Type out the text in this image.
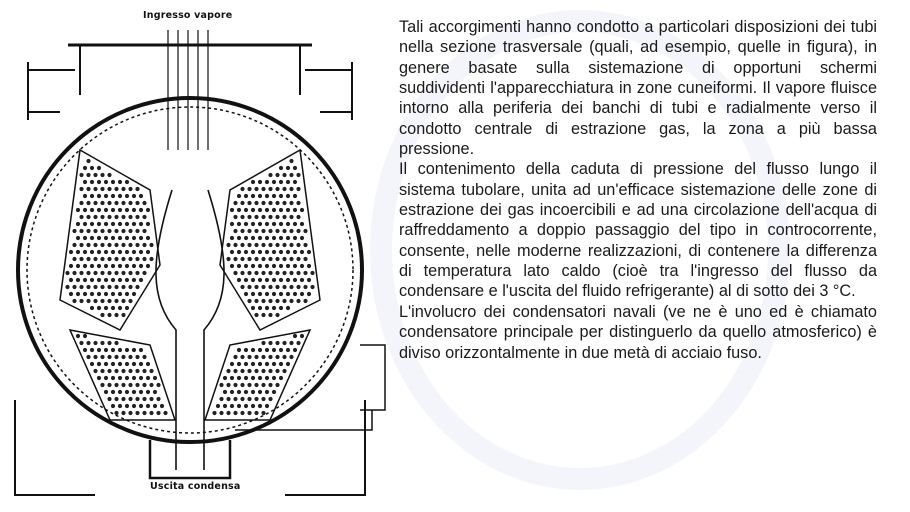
Ingresso vapore
Uscita condensa

Tali accorgimenti hanno condotto a particolari disposizioni dei tubi nella sezione trasversale (quali, ad esempio, quelle in figura), in genere basate sulla sistemazione di opportuni schermi suddividenti l'apparecchiatura in zone cuneiformi. Il vapore fluisce intorno alla periferia dei banchi di tubi e radialmente verso il condotto centrale di estrazione gas, la zona a più bassa pressione.

Il contenimento della caduta di pressione del flusso lungo il sistema tubolare, unita ad un'efficace sistemazione delle zone di estrazione dei gas incoercibili e ad una circolazione dell'acqua di raffreddamento a doppio passaggio del tipo in controcorrente, consente, nelle moderne realizzazioni, di contenere la differenza di temperatura lato caldo (cioè tra l'ingresso del flusso da condensare e l'uscita del fluido refrigerante) al di sotto dei 3 °C.

L'involucro dei condensatori navali (ve ne è uno ed è chiamato condensatore principale per distinguerlo da quello atmosferico) è diviso orizzontalmente in due metà di acciaio fuso.
